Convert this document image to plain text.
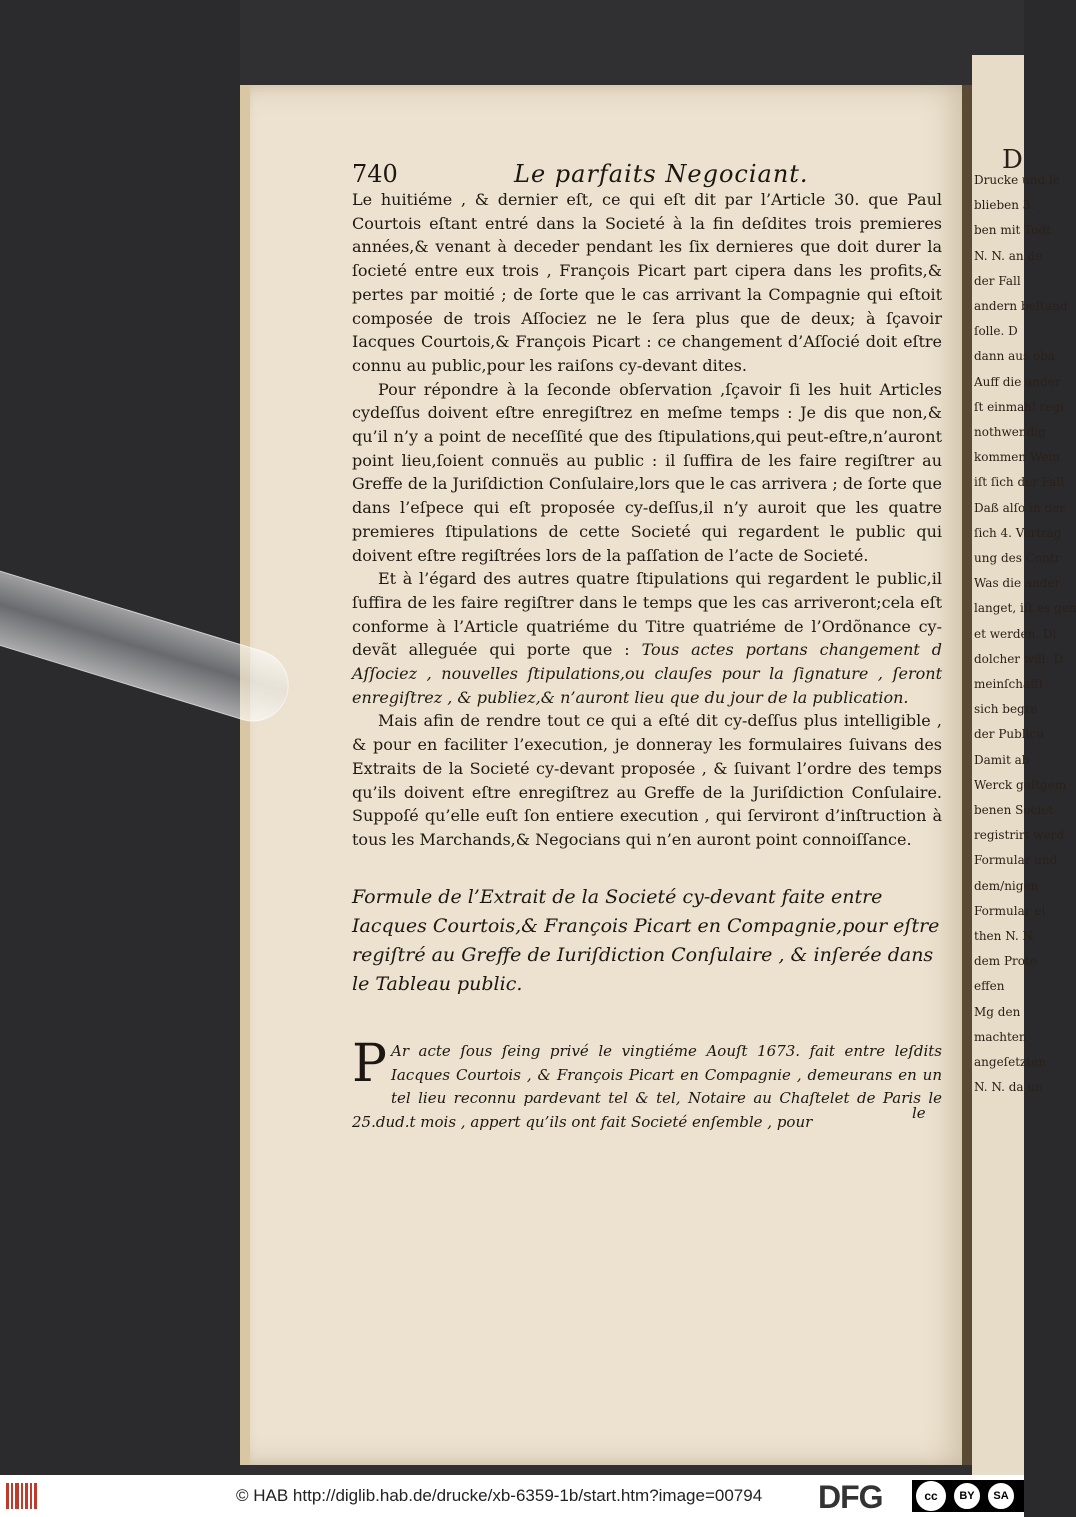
D
Drucke und le
blieben 3.
ben mit Todt
N. N. an de
der Fall
andern beſtand
ſolle. D
dann aus oba
Auff die ander
ſt einmahl regi
nothwendig
kommen Wein
iſt ſich der Fall
Daß alſo in der
ſich 4. Vertrag
ung des Contr
Was die ander
langet, iſt es gen
et werden. Di
dolcher will: D
meinſchafft
sich begre
der Publicu
Damit ab
Werck geſtgem
benen Societ
registrirt werd
Formular und
dem/nigen
Formular ei
then N. N.
dem Prote
effen
Mg den
machten
angeſetzten
N. N. da un
740	Le parfaits Negociant.

Le huitiéme , & dernier eſt, ce qui eſt dit par l’Article 30. que Paul Courtois eſtant entré dans la Societé à la fin deſdites trois premieres années,& venant à deceder pendant les ſix dernieres que doit durer la ſocieté entre eux trois , François Picart part cipera dans les profits,& pertes par moitié ; de ſorte que le cas arrivant la Compagnie qui eſtoit composée de trois Aſſociez ne le ſera plus que de deux; à ſçavoir Iacques Courtois,& François Picart : ce changement d’Aſſocié doit eſtre connu au public,pour les raiſons cy-devant dites.

Pour répondre à la ſeconde obſervation ,ſçavoir ſi les huit Articles cydeſſus doivent eſtre enregiſtrez en meſme temps : Je dis que non,& qu’il n’y a point de neceſſité que des ſtipulations,qui peut-eſtre,n’auront point lieu,ſoient connuës au public : il ſuffira de les faire regiſtrer au Greffe de la Juriſdiction Conſulaire,lors que le cas arrivera ; de ſorte que dans l’eſpece qui eſt proposée cy-deſſus,il n’y auroit que les quatre premieres ſtipulations de cette Societé qui regardent le public qui doivent eſtre regiſtrées lors de la paſſation de l’acte de Societé.

Et à l’égard des autres quatre ſtipulations qui regardent le public,il ſuffira de les faire regiſtrer dans le temps que les cas arriveront;cela eſt conforme à l’Article quatriéme du Titre quatriéme de l’Ordõnance cy-devãt alleguée qui porte que : Tous actes portans changement d Aſſociez , nouvelles ſtipulations,ou clauſes pour la ſignature , ſeront enregiſtrez , & publiez,& n’auront lieu que du jour de la publication.

Mais afin de rendre tout ce qui a eſté dit cy-deſſus plus intelligible , & pour en faciliter l’execution, je donneray les formulaires ſuivans des Extraits de la Societé cy-devant proposée , & ſuivant l’ordre des temps qu’ils doivent eſtre enregiſtrez au Greffe de la Juriſdiction Conſulaire. Suppoſé qu’elle euſt ſon entiere execution , qui ſerviront d’inſtruction à tous les Marchands,& Negocians qui n’en auront point connoiſſance.

Formule de l’Extrait de la Societé cy-devant faite entre Iacques Courtois,& François Picart en Compagnie,pour eſtre regiſtré au Greffe de Iuriſdiction Conſulaire , & inſerée dans le Tableau public.

P Ar acte ſous ſeing privé le vingtiéme Aouſt 1673. fait entre leſdits Iacques Courtois , & François Picart en Compagnie , demeurans en un tel lieu reconnu pardevant tel & tel, Notaire au Chaſtelet de Paris le 25.dud.t mois , appert qu’ils ont fait Societé enſemble , pour

le
© HAB http://diglib.hab.de/drucke/xb-6359-1b/start.htm?image=00794 DFG	cc	BY	SA
